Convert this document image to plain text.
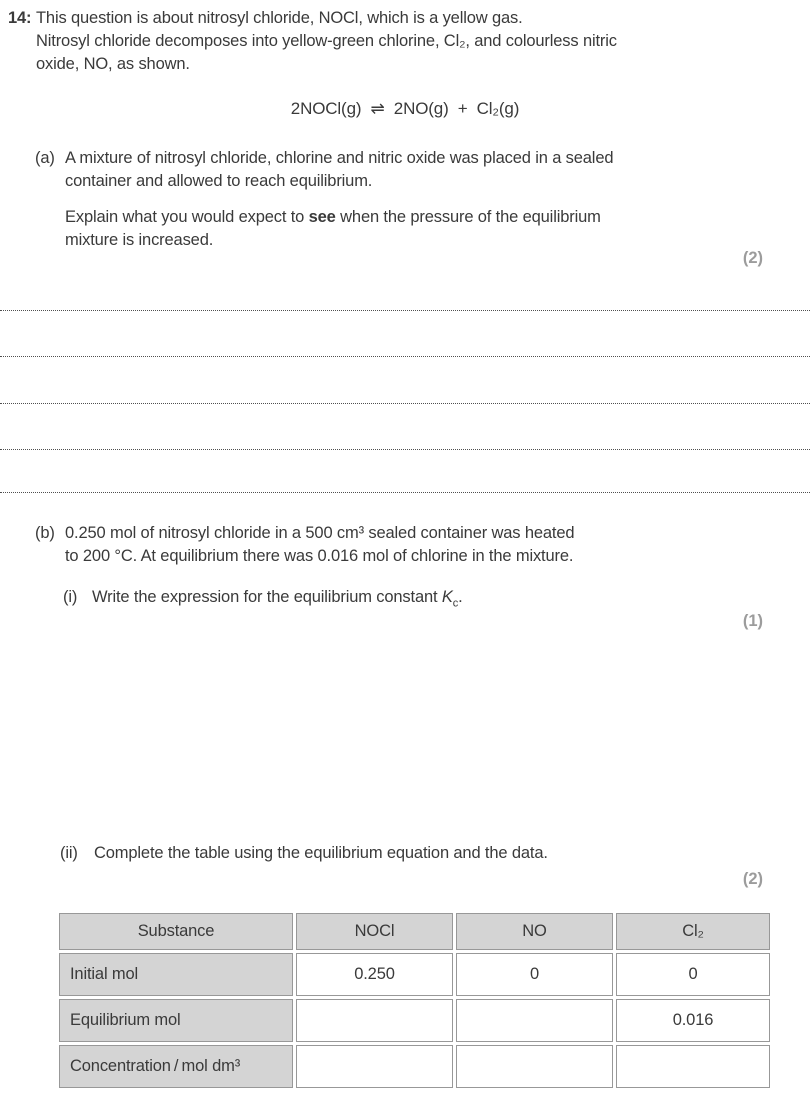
14: This question is about nitrosyl chloride, NOCl, which is a yellow gas.
Nitrosyl chloride decomposes into yellow-green chlorine, Cl₂, and colourless nitric
oxide, NO, as shown.
2NOCl(g)  ⇌  2NO(g)  +  Cl₂(g)
(a) A mixture of nitrosyl chloride, chlorine and nitric oxide was placed in a sealed
container and allowed to reach equilibrium.
Explain what you would expect to see when the pressure of the equilibrium
mixture is increased.
(2)
(b) 0.250 mol of nitrosyl chloride in a 500 cm³ sealed container was heated
to 200 °C. At equilibrium there was 0.016 mol of chlorine in the mixture.
(i) Write the expression for the equilibrium constant $K_c$.
(1)
(ii) Complete the table using the equilibrium equation and the data.
(2)
Substance	NOCl	NO	Cl₂
Initial mol	0.250	0	0
Equilibrium mol			0.016
Concentration / mol dm³			
